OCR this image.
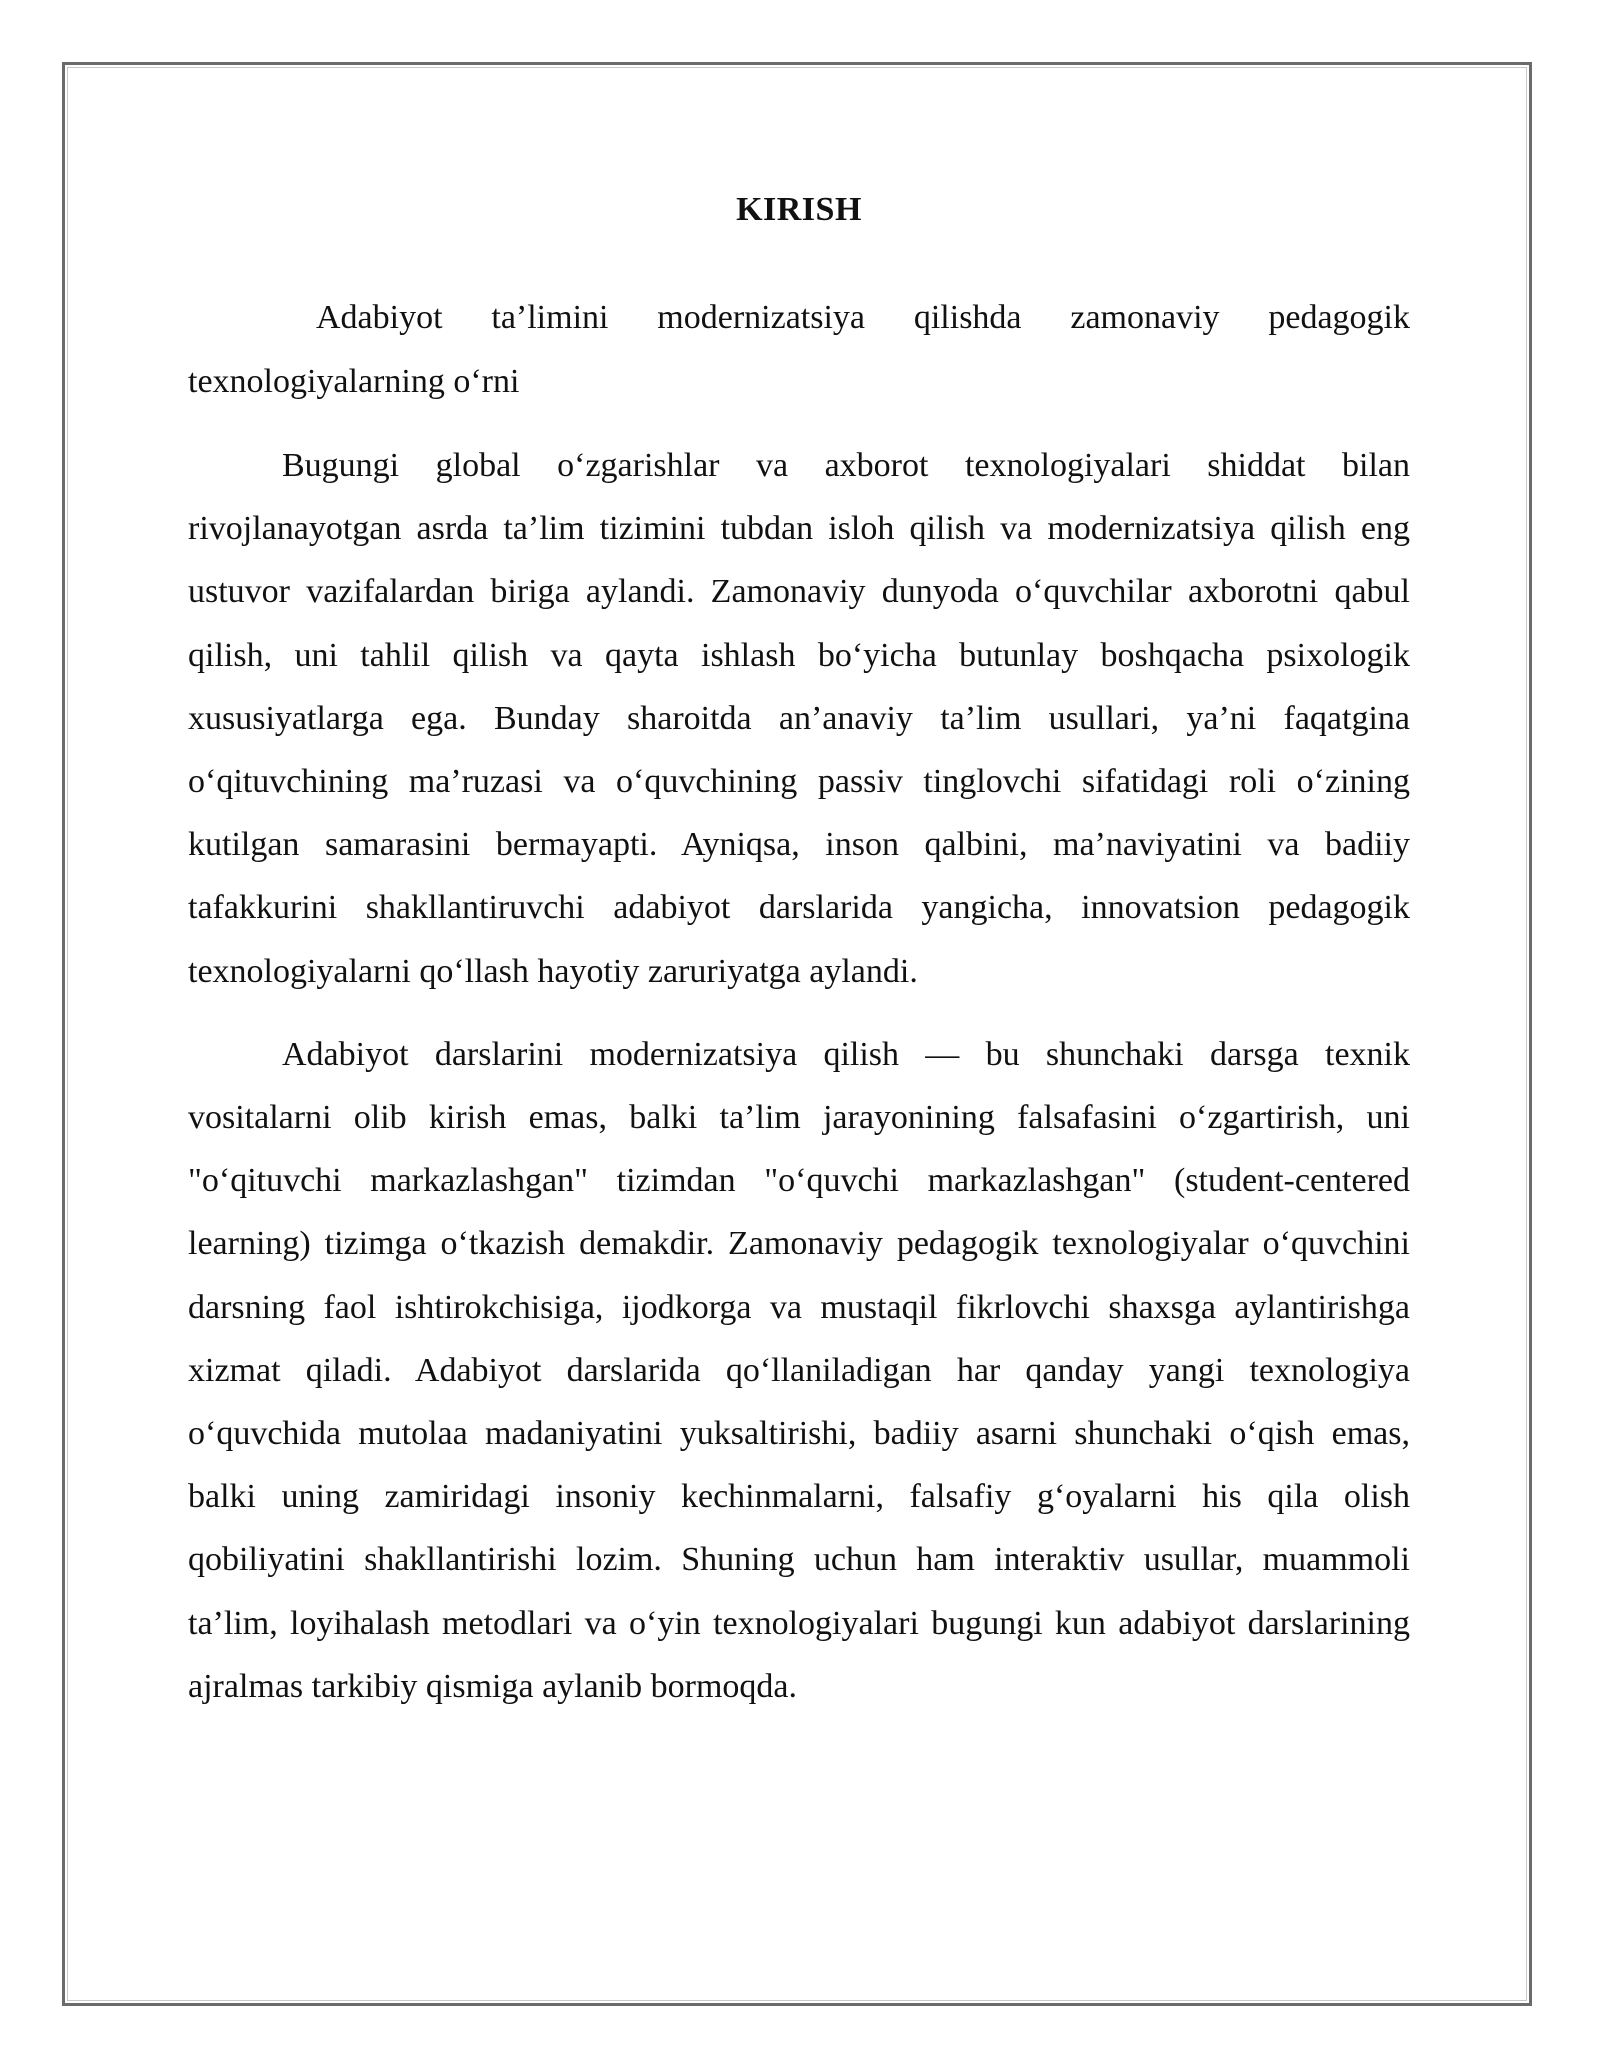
KIRISH

Adabiyot ta’limini modernizatsiya qilishda zamonaviy pedagogik texnologiyalarning o‘rni

Bugungi global o‘zgarishlar va axborot texnologiyalari shiddat bilan rivojlanayotgan asrda ta’lim tizimini tubdan isloh qilish va modernizatsiya qilish eng ustuvor vazifalardan biriga aylandi. Zamonaviy dunyoda o‘quvchilar axborotni qabul qilish, uni tahlil qilish va qayta ishlash bo‘yicha butunlay boshqacha psixologik xususiyatlarga ega. Bunday sharoitda an’anaviy ta’lim usullari, ya’ni faqatgina o‘qituvchining ma’ruzasi va o‘quvchining passiv tinglovchi sifatidagi roli o‘zining kutilgan samarasini bermayapti. Ayniqsa, inson qalbini, ma’naviyatini va badiiy tafakkurini shakllantiruvchi adabiyot darslarida yangicha, innovatsion pedagogik texnologiyalarni qo‘llash hayotiy zaruriyatga aylandi.

Adabiyot darslarini modernizatsiya qilish — bu shunchaki darsga texnik vositalarni olib kirish emas, balki ta’lim jarayonining falsafasini o‘zgartirish, uni "o‘qituvchi markazlashgan" tizimdan "o‘quvchi markazlashgan" (student-centered learning) tizimga o‘tkazish demakdir. Zamonaviy pedagogik texnologiyalar o‘quvchini darsning faol ishtirokchisiga, ijodkorga va mustaqil fikrlovchi shaxsga aylantirishga xizmat qiladi. Adabiyot darslarida qo‘llaniladigan har qanday yangi texnologiya o‘quvchida mutolaa madaniyatini yuksaltirishi, badiiy asarni shunchaki o‘qish emas, balki uning zamiridagi insoniy kechinmalarni, falsafiy g‘oyalarni his qila olish qobiliyatini shakllantirishi lozim. Shuning uchun ham interaktiv usullar, muammoli ta’lim, loyihalash metodlari va o‘yin texnologiyalari bugungi kun adabiyot darslarining ajralmas tarkibiy qismiga aylanib bormoqda.
